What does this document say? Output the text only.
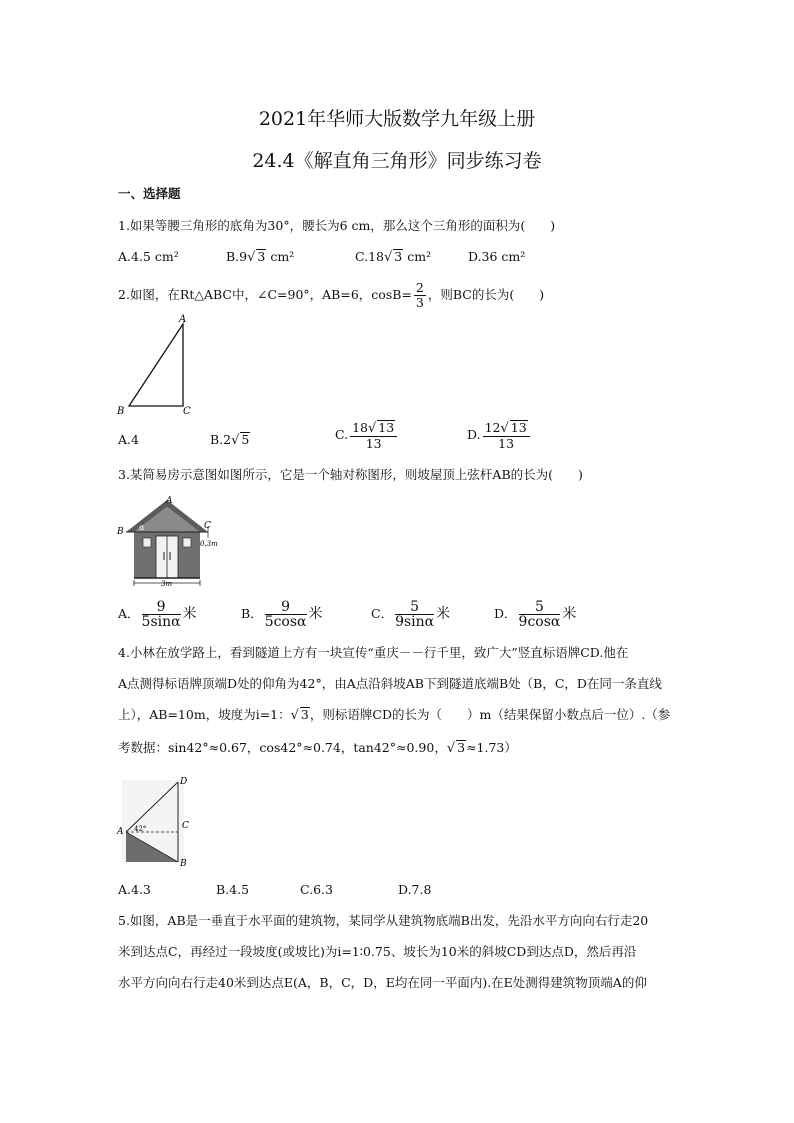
2021年华师大版数学九年级上册
24.4《解直角三角形》同步练习卷
一、选择题
1.如果等腰三角形的底角为30°，腰长为6 cm，那么这个三角形的面积为(　　)
A.4.5 cm²	B.9√ 3 cm²	C.18√ 3 cm²	D.36 cm²
2.如图，在Rt△ABC中，∠C=90°，AB=6，$\cos B= \frac{2}{3}$ ，则BC的长为(　　)
A
B	C
A.4	B.2√ 5	C. $\frac{18√ 13}{13}$	D. $\frac{12√ 13}{13}$
3.某简易房示意图如图所示，它是一个轴对称图形，则坡屋顶上弦杆AB的长为(　　)
A
B
C
α
0.3m
3m
A． $\frac{9}{5\sin\alpha}$ 米	B． $\frac{9}{5\cos\alpha}$ 米	C． $\frac{5}{9\sin\alpha}$ 米	D． $\frac{5}{9\cos\alpha}$ 米
4.小林在放学路上，看到隧道上方有一块宣传“重庆－－行千里，致广大”竖直标语牌CD.他在
A点测得标语牌顶端D处的仰角为42°，由A点沿斜坡AB下到隧道底端B处（B，C，D在同一条直线
上），AB=10m，坡度为i=1：√ 3，则标语牌CD的长为（　　）m（结果保留小数点后一位）.（参
考数据：sin42°≈0.67，cos42°≈0.74，tan42°≈0.90，√ 3≈1.73）
D
C
A
B
42°
A.4.3	B.4.5	C.6.3	D.7.8
5.如图，AB是一垂直于水平面的建筑物，某同学从建筑物底端B出发，先沿水平方向向右行走20
米到达点C，再经过一段坡度(或坡比)为i=1∶0.75、坡长为10米的斜坡CD到达点D，然后再沿
水平方向向右行走40米到达点E(A，B，C，D，E均在同一平面内).在E处测得建筑物顶端A的仰
